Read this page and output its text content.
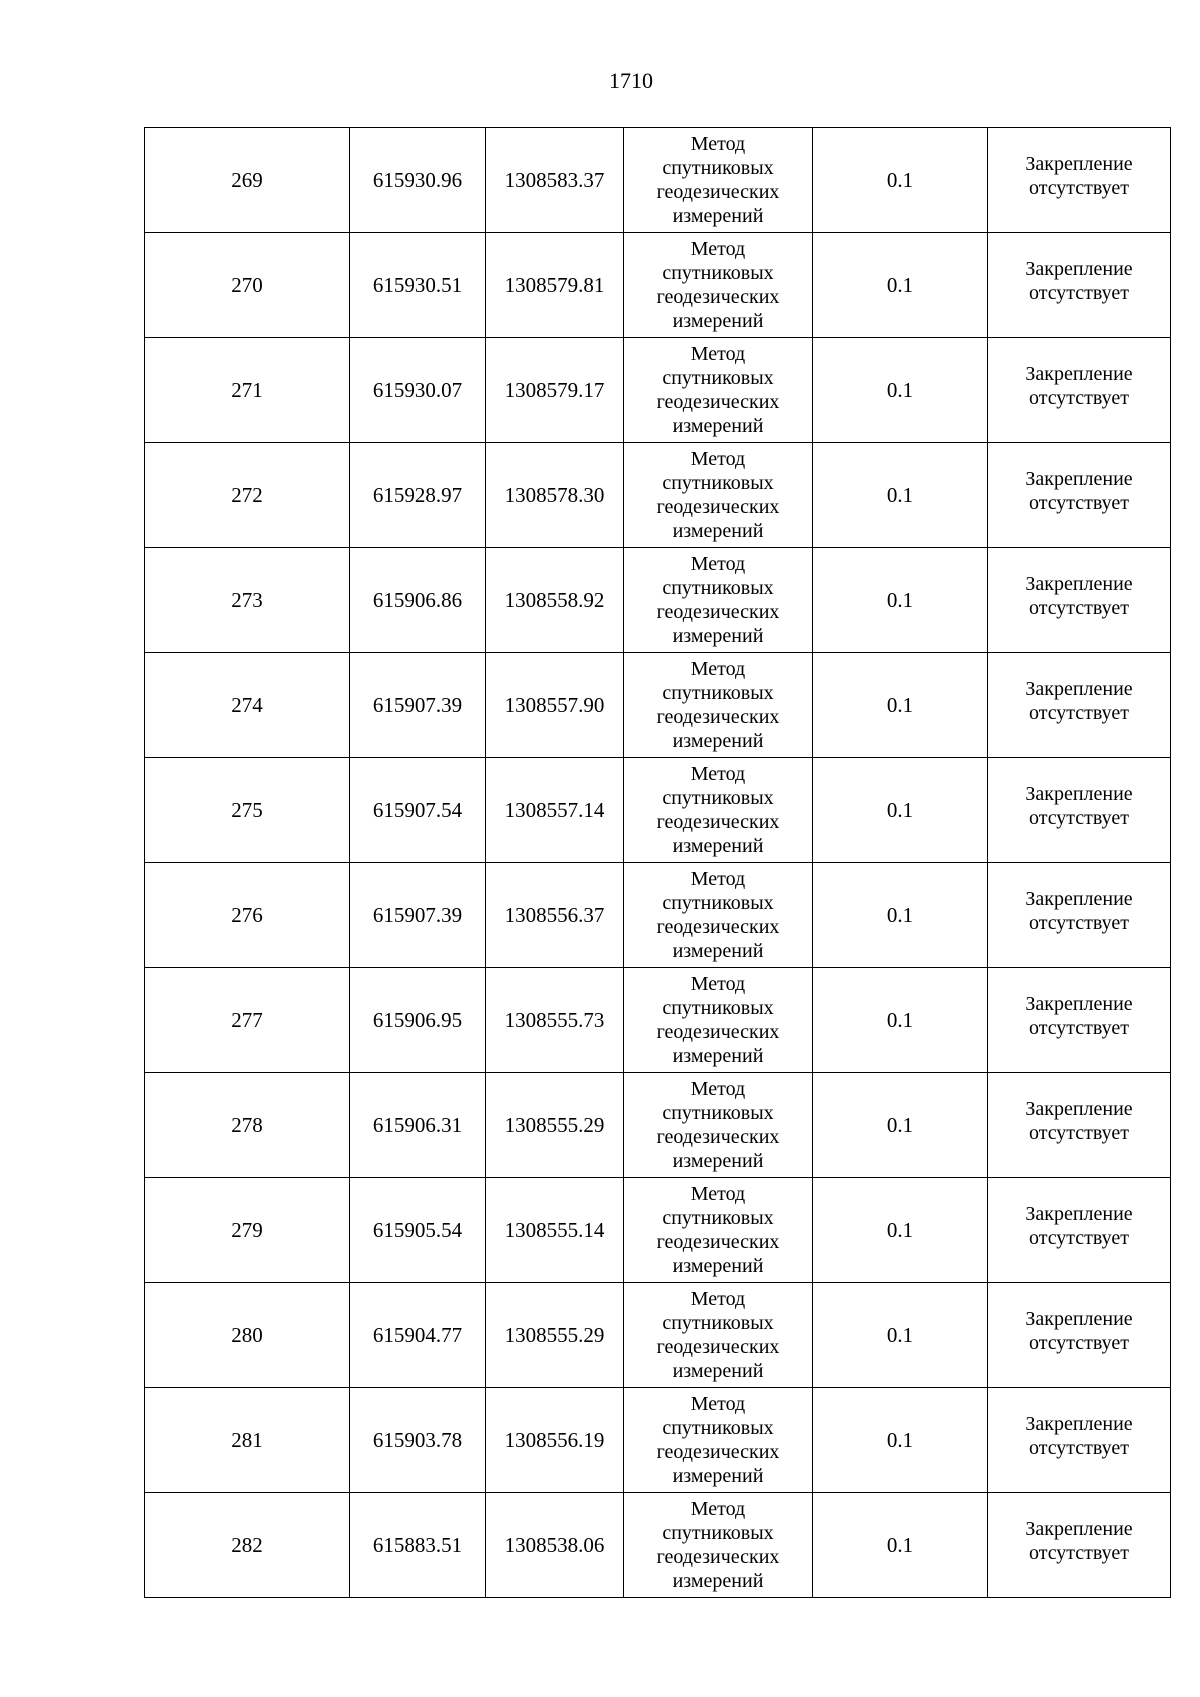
1710
269	615930.96	1308583.37	Метод
спутниковых
геодезических
измерений	0.1	Закрепление
отсутствует

270	615930.51	1308579.81	Метод
спутниковых
геодезических
измерений	0.1	Закрепление
отсутствует

271	615930.07	1308579.17	Метод
спутниковых
геодезических
измерений	0.1	Закрепление
отсутствует

272	615928.97	1308578.30	Метод
спутниковых
геодезических
измерений	0.1	Закрепление
отсутствует

273	615906.86	1308558.92	Метод
спутниковых
геодезических
измерений	0.1	Закрепление
отсутствует

274	615907.39	1308557.90	Метод
спутниковых
геодезических
измерений	0.1	Закрепление
отсутствует

275	615907.54	1308557.14	Метод
спутниковых
геодезических
измерений	0.1	Закрепление
отсутствует

276	615907.39	1308556.37	Метод
спутниковых
геодезических
измерений	0.1	Закрепление
отсутствует

277	615906.95	1308555.73	Метод
спутниковых
геодезических
измерений	0.1	Закрепление
отсутствует

278	615906.31	1308555.29	Метод
спутниковых
геодезических
измерений	0.1	Закрепление
отсутствует

279	615905.54	1308555.14	Метод
спутниковых
геодезических
измерений	0.1	Закрепление
отсутствует

280	615904.77	1308555.29	Метод
спутниковых
геодезических
измерений	0.1	Закрепление
отсутствует

281	615903.78	1308556.19	Метод
спутниковых
геодезических
измерений	0.1	Закрепление
отсутствует

282	615883.51	1308538.06	Метод
спутниковых
геодезических
измерений	0.1	Закрепление
отсутствует
